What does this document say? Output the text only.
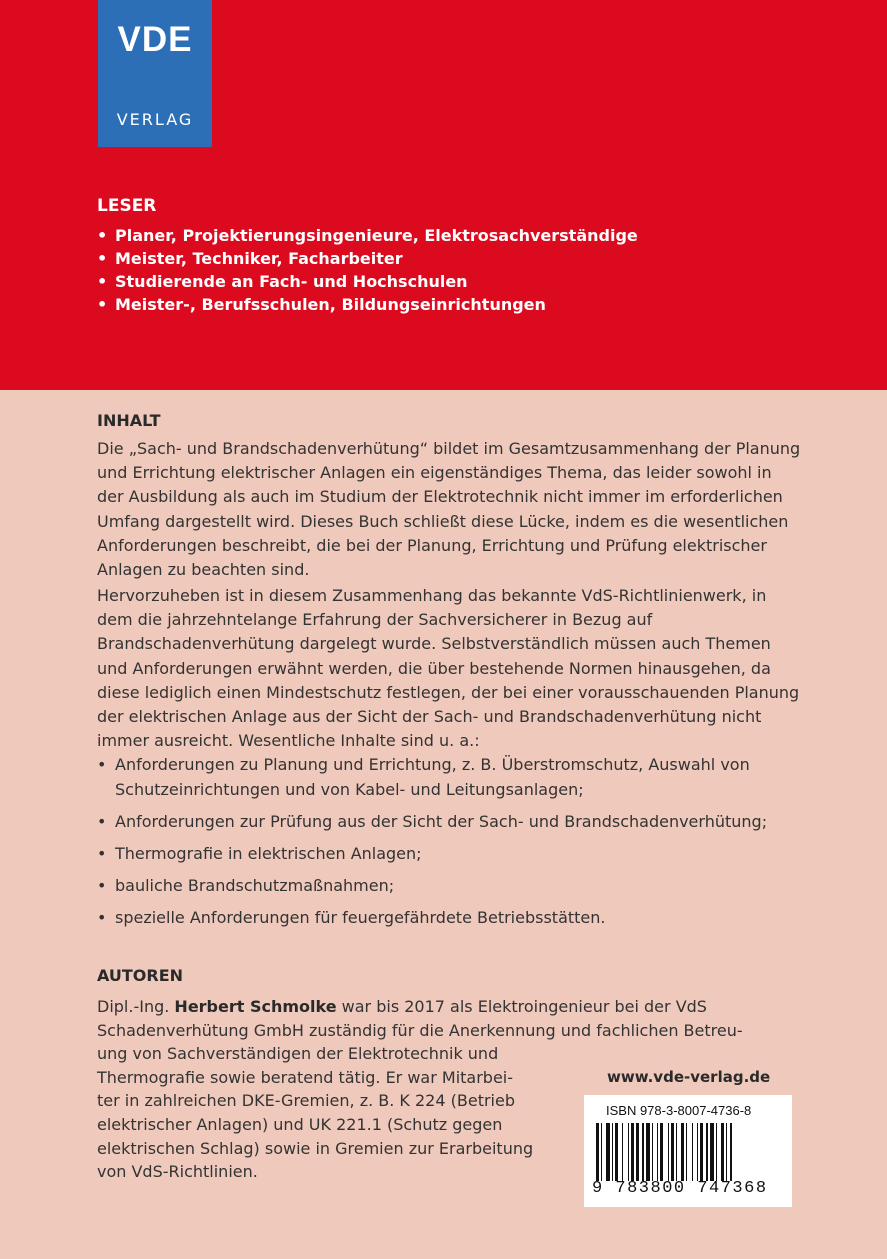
VDE
VERLAG
LESER
• Planer, Projektierungsingenieure, Elektrosachverständige
• Meister, Techniker, Facharbeiter
• Studierende an Fach- und Hochschulen
• Meister-, Berufsschulen, Bildungseinrichtungen
INHALT

Die „Sach- und Brandschadenverhütung“ bildet im Gesamtzusammenhang der Planung und Errichtung elektrischer Anlagen ein eigenständiges Thema, das leider sowohl in der Ausbildung als auch im Studium der Elektrotechnik nicht immer im erforderlichen Umfang dargestellt wird. Dieses Buch schließt diese Lücke, indem es die wesentlichen Anforderungen beschreibt, die bei der Planung, Errichtung und Prüfung elektrischer Anlagen zu beachten sind.

Hervorzuheben ist in diesem Zusammenhang das bekannte VdS-Richtlinienwerk, in dem die jahrzehntelange Erfahrung der Sachversicherer in Bezug auf Brandschadenverhütung dargelegt wurde. Selbstverständlich müssen auch Themen und Anforderungen erwähnt werden, die über bestehende Normen hinausgehen, da diese lediglich einen Mindestschutz festlegen, der bei einer vorausschauenden Planung der elektrischen Anlage aus der Sicht der Sach- und Brandschadenverhütung nicht immer ausreicht. Wesentliche Inhalte sind u. a.:

• Anforderungen zu Planung und Errichtung, z. B. Überstromschutz, Auswahl von Schutzeinrichtungen und von Kabel- und Leitungsanlagen;
• Anforderungen zur Prüfung aus der Sicht der Sach- und Brandschadenverhütung;
• Thermografie in elektrischen Anlagen;
• bauliche Brandschutzmaßnahmen;
• spezielle Anforderungen für feuergefährdete Betriebsstätten.
AUTOREN
Dipl.-Ing. Herbert Schmolke war bis 2017 als Elektroingenieur bei der VdS
Schadenverhütung GmbH zuständig für die Anerkennung und fachlichen Betreu-
ung von Sachverständigen der Elektrotechnik und
Thermografie sowie beratend tätig. Er war Mitarbei-
ter in zahlreichen DKE-Gremien, z. B. K 224 (Betrieb
elektrischer Anlagen) und UK 221.1 (Schutz gegen
elektrischen Schlag) sowie in Gremien zur Erarbeitung
von VdS-Richtlinien.
www.vde-verlag.de
ISBN 978-3-8007-4736-8
9 783800 747368
